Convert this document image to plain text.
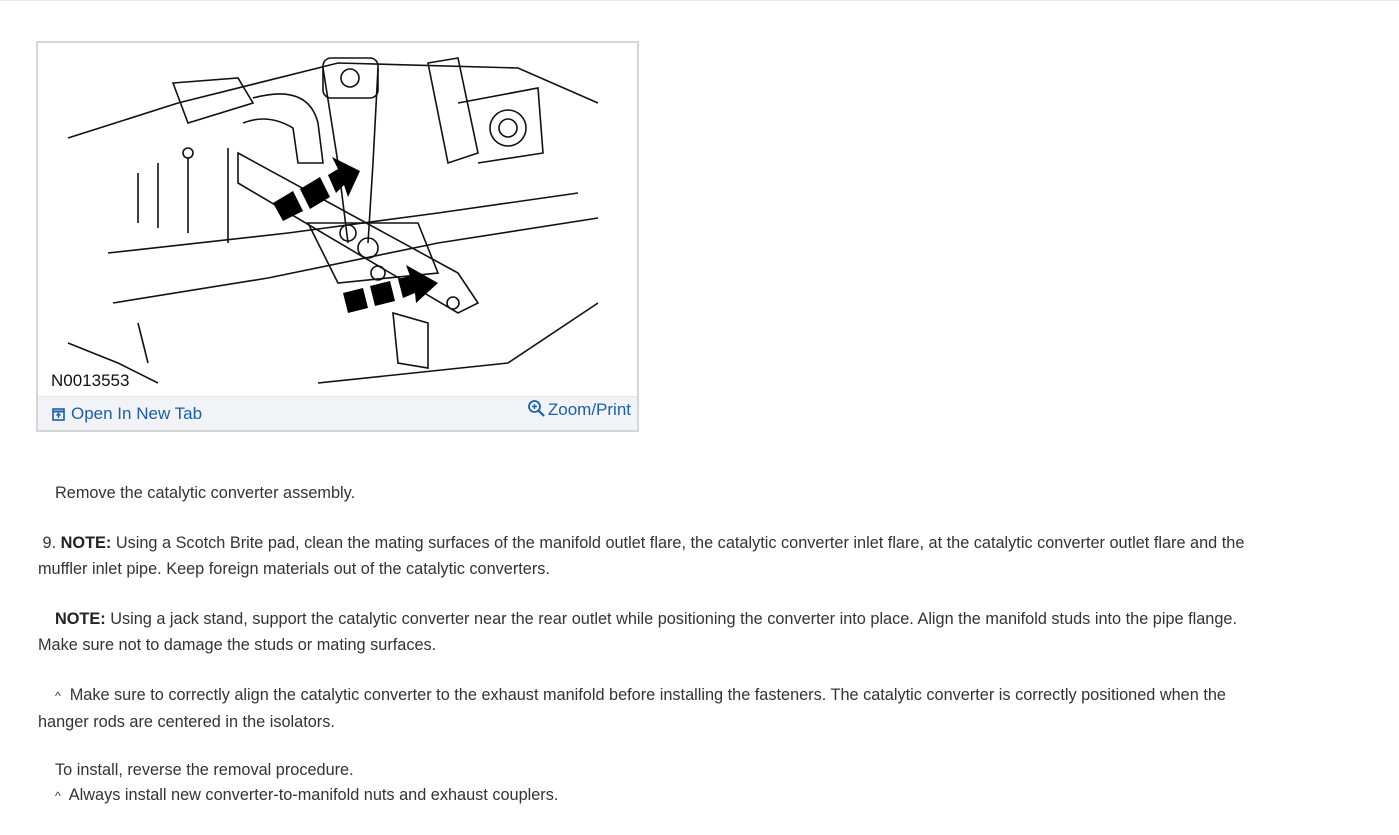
N0013553
Open In New Tab	Zoom/Print
Remove the catalytic converter assembly.
9. NOTE: Using a Scotch Brite pad, clean the mating surfaces of the manifold outlet flare, the catalytic converter inlet flare, at the catalytic converter outlet flare and the muffler inlet pipe. Keep foreign materials out of the catalytic converters.
NOTE: Using a jack stand, support the catalytic converter near the rear outlet while positioning the converter into place. Align the manifold studs into the pipe flange. Make sure not to damage the studs or mating surfaces.
^ Make sure to correctly align the catalytic converter to the exhaust manifold before installing the fasteners. The catalytic converter is correctly positioned when the hanger rods are centered in the isolators.
To install, reverse the removal procedure.
^ Always install new converter-to-manifold nuts and exhaust couplers.
